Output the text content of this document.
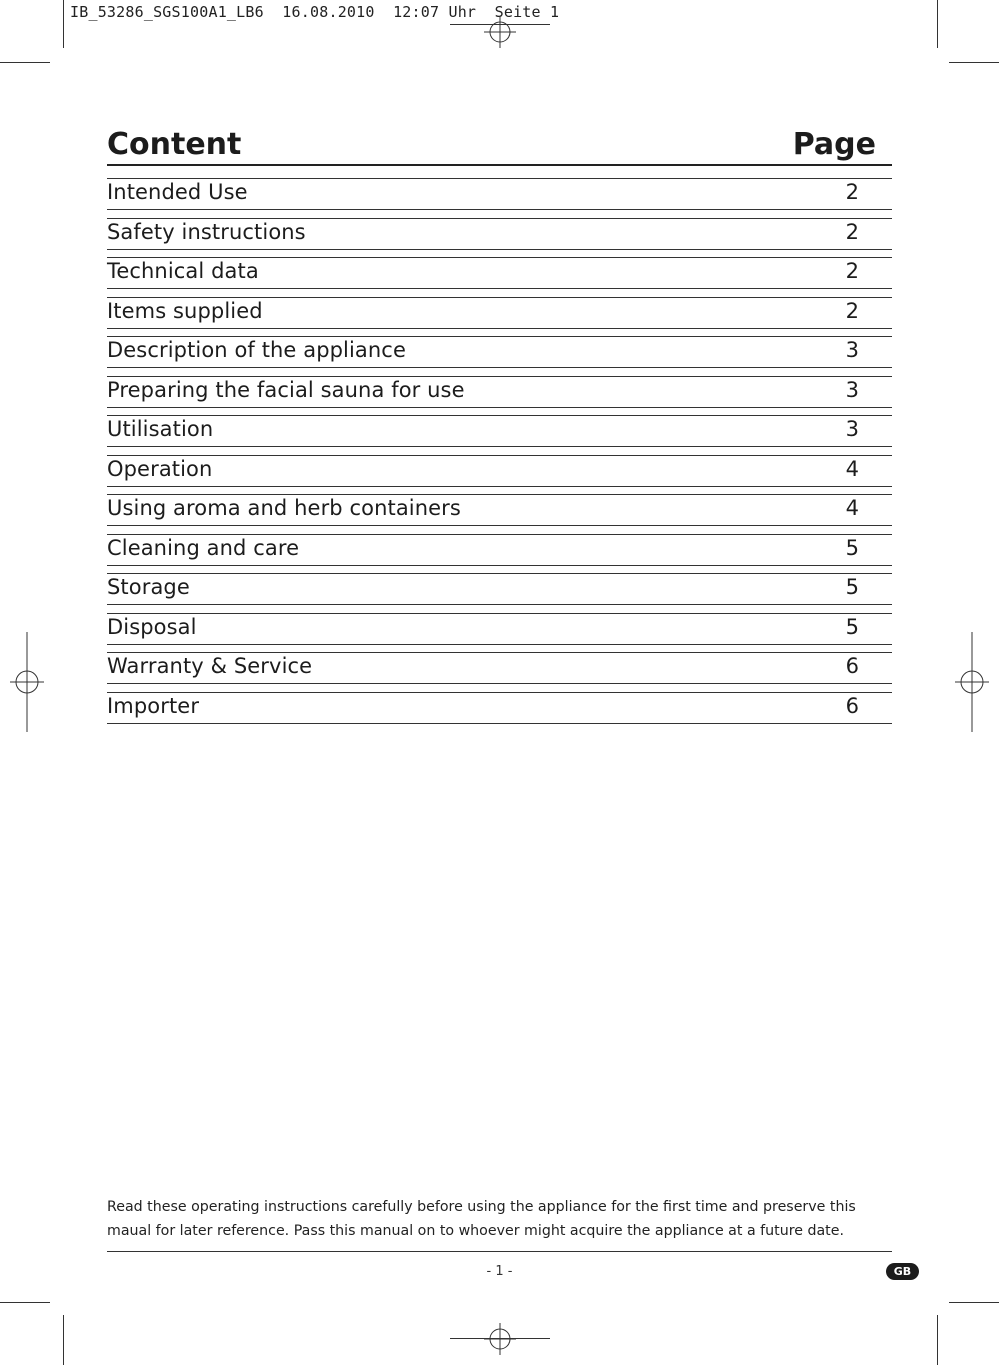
IB_53286_SGS100A1_LB6  16.08.2010  12:07 Uhr  Seite 1
Content	Page
Intended Use	2
Safety instructions	2
Technical data	2
Items supplied	2
Description of the appliance	3
Preparing the facial sauna for use	3
Utilisation	3
Operation	4
Using aroma and herb containers	4
Cleaning and care	5
Storage	5
Disposal	5
Warranty & Service	6
Importer	6
Read these operating instructions carefully before using the appliance for the first time and preserve this maual for later reference. Pass this manual on to whoever might acquire the appliance at a future date.
- 1 -	GB
